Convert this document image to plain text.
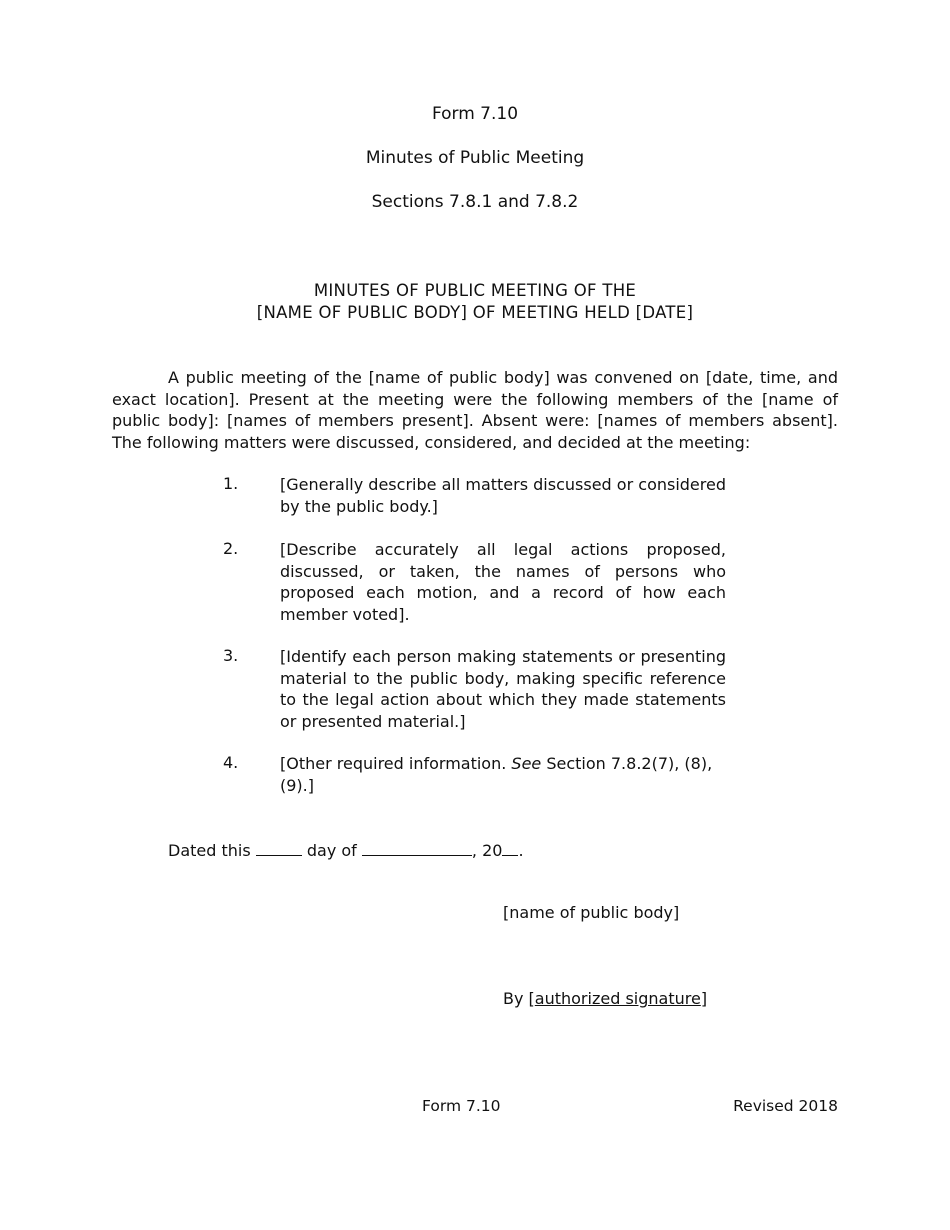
Form 7.10
Minutes of Public Meeting
Sections 7.8.1 and 7.8.2
MINUTES OF PUBLIC MEETING OF THE
[NAME OF PUBLIC BODY] OF MEETING HELD [DATE]

A public meeting of the [name of public body] was convened on [date, time, and exact location]. Present at the meeting were the following members of the [name of public body]: [names of members present]. Absent were: [names of members absent]. The following matters were discussed, considered, and decided at the meeting:

1.	[Generally describe all matters discussed or considered by the public body.]

2.	[Describe accurately all legal actions proposed, discussed, or taken, the names of persons who proposed each motion, and a record of how each member voted].

3.	[Identify each person making statements or presenting material to the public body, making specific reference to the legal action about which they made statements or presented material.]

4.	[Other required information. See Section 7.8.2(7), (8), (9).]

Dated this	day of	, 20 .
[name of public body]
By [authorized signature]
Form 7.10	Revised 2018
